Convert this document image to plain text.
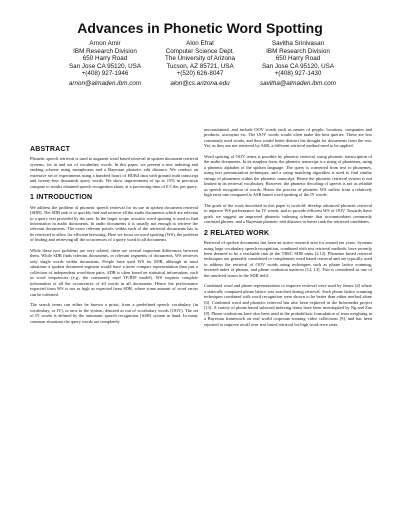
Advances in Phonetic Word Spotting
Arnon Amir
IBM Research Division
650 Harry Road
San Jose CA 95120, USA
+(408) 927-1946
arnon@almaden.ibm.com
Alon Efrat
Computer Science Dept.
The University of Arizona
Tucson, AZ 85721, USA
+(520) 626-8047
alon@cs.arizona.edu
Savitha Srinivasan
IBM Research Division
650 Harry Road
San Jose CA 95120, USA
+(408) 927-1430
savitha@almaden.ibm.com
ABSTRACT

Phonetic speech retrieval is used to augment word based retrieval in spoken document retrieval systems, for in and out of vocabulary words. In this paper, we present a new indexing and ranking scheme using metaphones and a Bayesian phonetic edit distance. We conduct an extensive set of experiments using a hundred hours of HUB4 data with ground truth transcript and twenty-four thousands query words. We show improvement of up to 15% in precision compare to results obtained speech recognition alone, at a processing time of 0.5 Sec per query.

1 INTRODUCTION

We address the problem of phonetic speech retrieval for its use in spoken document retrieval (SDR). The SDR task is to quickly find and retrieve all the audio documents which are relevant to a query text provided by the user. In the larger scope, acoustic word spotting is used to find information in audio documents. In audio documents it is usually not enough to retrieve the relevant documents. The exact relevant point/s within each of the retrieved documents has to be retrieved to allow for efficient browsing. Here we focus on word spotting (WS), the problem of finding and retrieving all the occurrences of a query word in all documents.

While these two problems are very related, there are several important differences between them. While SDR finds relevant documents, or relevant segments of documents, WS retrieves only single words within documents. People have used WS for SDR, although in most situations a spoken document segment would have a more compact representation than just a collection of independent word-time pairs. SDR is often based on statistical information, such as word frequencies (e.g., the commonly used TF/IDF model). WS requires complete information of all the occurrences of all words in all documents. Hence the performance expected from WS is not as high as expected from SDR, where some amount of word errors can be tolerated.

The search terms can either be known a priori, from a predefined speech vocabulary (in vocabulary, or IV), or new to the system, denoted as out of vocabulary words (OOV). The set of IV words is defined by the automatic speech recognition (ASR) system in hand. In many common situations the query words are completely

unconstrained, and include OOV words such as names of people, locations, companies and products, acronyms etc. The OOV words would often make the best queries. These are less commonly used words, and thus would better distinct the thought for documents from the rest. Yet, as they are not retrieved by ASR, a different retrieval method need to be applied.

Word spotting of OOV terms is possible by phonetic retrieval, using phonetic transcription of the audio documents. In its simplest form, the phonetic transcript is a string of phonemes, using a phonetic alphabet of the spoken language. The query is converted from text to phonemes, using text pronunciation techniques, and a string matching algorithm is used to find similar strings of phonemes within the phonetic transcript. Hence the phonetic retrieval system is not limited in its retrieval vocabulary. However, the phonetic decoding of speech is not as reliable as speech recognition of words. Hence the process of phonetic WS suffers from a relatively high error rate compared to ASR based word spotting of the IV words.

The goals of the work described in this paper is twofold: develop advanced phonetic retrieval to improve WS performance for IV words, and to provide efficient WS of OOV. Towards these goals we suggest an improved phonetic indexing scheme that accommodates commonly confused phones, and a Bayesian phonetic edit distance to better rank the retrieved candidates.

2 RELATED WORK

Retrieval of spoken documents has been an active research area for around ten years. Systems using large vocabulary speech recognition, combined with text retrieval methods, have recently been deemed to be a reachable task in the TREC SDR tasks [2,12]. Phoneme based retrieval techniques are generally considered to complement word based retrieval and are typically used to address the retrieval of OOV words using techniques such as phone lattice scanning, inverted index of phones, and phone confusion matrices [12, 13]. This is considered as one of the unsolved issues in the SDR field.

Combined word and phone representations to improve retrieval were used by James [4] where a statically computed phone lattice was searched during retrieval. Such phone lattice scanning techniques combined with word recognition were shown to be better than either method alone [6]. Combined word and phonetic retrieval has also been explored in the Informedia project [13]. A variety of phone based subword indexing terms have been investigated by Ng and Zue [8]. Phone confusions have also been used in the probabilistic formulation of term weighting in a Bayesian framework on real world corporate training video collections [9], and has been reported to improve recall over text based retrieval for high word error rates.
